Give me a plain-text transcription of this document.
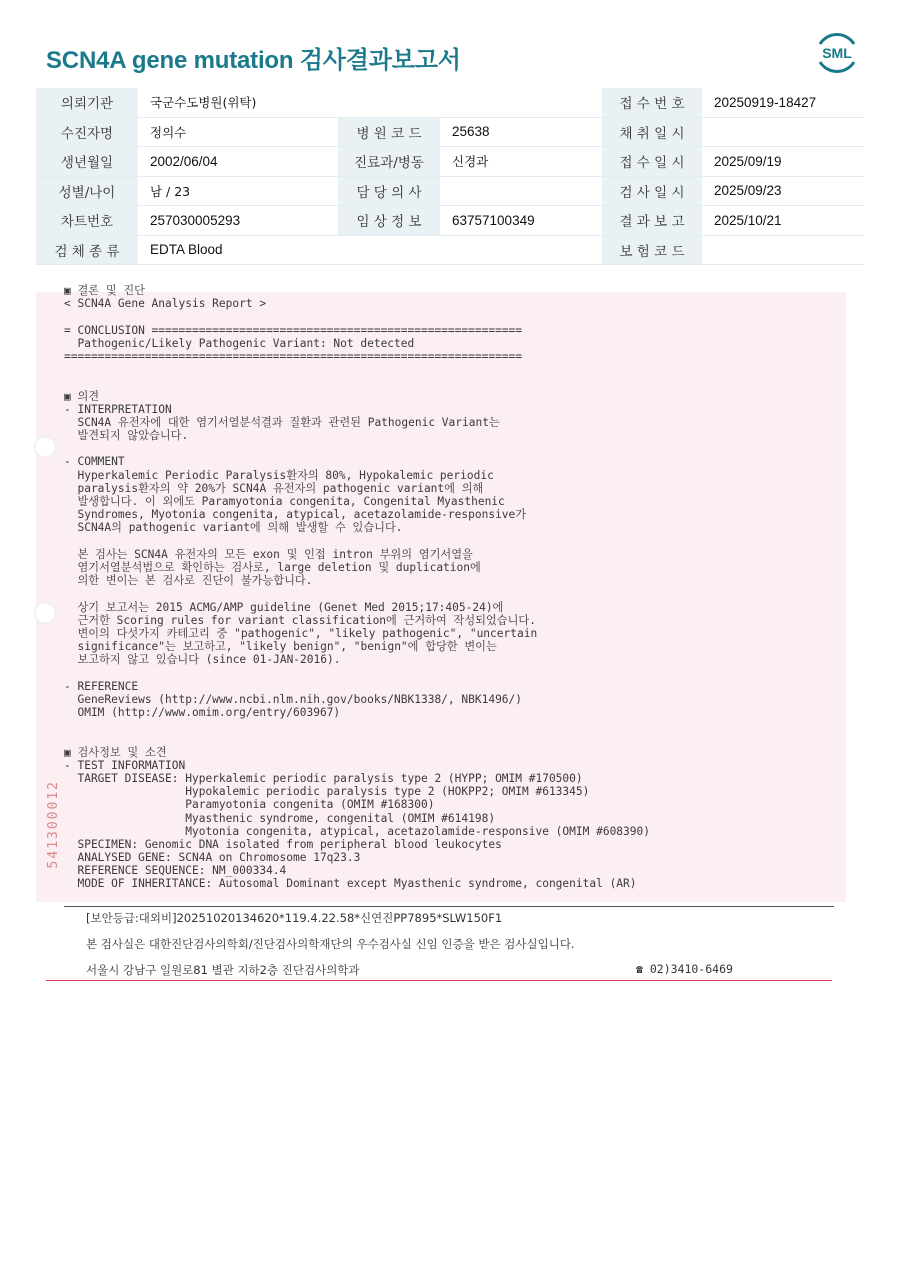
SCN4A gene mutation 검사결과보고서	SML
의뢰기관	국군수도병원(위탁)			접 수 번 호	20250919-18427
수진자명	정의수	병 원 코 드	25638	채 취 일 시	
생년월일	2002/06/04	진료과/병동	신경과	접 수 일 시	2025/09/19
성별/나이	남 / 23	담 당 의 사		검 사 일 시	2025/09/23
차트번호	257030005293	임 상 정 보	63757100349	결 과 보 고	2025/10/21
검 체 종 류	EDTA Blood			보 험 코 드	
▣ 결론 및 진단
< SCN4A Gene Analysis Report >
= CONCLUSION =======================================================
Pathogenic/Likely Pathogenic Variant: Not detected
====================================================================
▣ 의견
- INTERPRETATION
SCN4A 유전자에 대한 염기서열분석결과 질환과 관련된 Pathogenic Variant는
발견되지 않았습니다.
- COMMENT
Hyperkalemic Periodic Paralysis환자의 80%, Hypokalemic periodic
paralysis환자의 약 20%가 SCN4A 유전자의 pathogenic variant에 의해
발생합니다. 이 외에도 Paramyotonia congenita, Congenital Myasthenic
Syndromes, Myotonia congenita, atypical, acetazolamide-responsive가
SCN4A의 pathogenic variant에 의해 발생할 수 있습니다.
본 검사는 SCN4A 유전자의 모든 exon 및 인접 intron 부위의 염기서열을
염기서열분석법으로 확인하는 검사로, large deletion 및 duplication에
의한 변이는 본 검사로 진단이 불가능합니다.
상기 보고서는 2015 ACMG/AMP guideline (Genet Med 2015;17:405-24)에
근거한 Scoring rules for variant classification에 근거하여 작성되었습니다.
변이의 다섯가지 카테고리 중 "pathogenic", "likely pathogenic", "uncertain
significance"는 보고하고, "likely benign", "benign"에 합당한 변이는
보고하지 않고 있습니다 (since 01-JAN-2016).
- REFERENCE
GeneReviews (http://www.ncbi.nlm.nih.gov/books/NBK1338/, NBK1496/)
OMIM (http://www.omim.org/entry/603967)
▣ 검사정보 및 소견
- TEST INFORMATION
TARGET DISEASE: Hyperkalemic periodic paralysis type 2 (HYPP; OMIM #170500)
Hypokalemic periodic paralysis type 2 (HOKPP2; OMIM #613345)
Paramyotonia congenita (OMIM #168300)
Myasthenic syndrome, congenital (OMIM #614198)
Myotonia congenita, atypical, acetazolamide-responsive (OMIM #608390)
SPECIMEN: Genomic DNA isolated from peripheral blood leukocytes
ANALYSED GENE: SCN4A on Chromosome 17q23.3
REFERENCE SEQUENCE: NM_000334.4
MODE OF INHERITANCE: Autosomal Dominant except Myasthenic syndrome, congenital (AR)
541300012
[보안등급:대외비]20251020134620*119.4.22.58*신연진PP7895*SLW150F1
본 검사실은 대한진단검사의학회/진단검사의학재단의 우수검사실 신임 인증을 받은 검사실입니다.
서울시 강남구 일원로81 별관 지하2층 진단검사의학과	☎ 02)3410-6469
